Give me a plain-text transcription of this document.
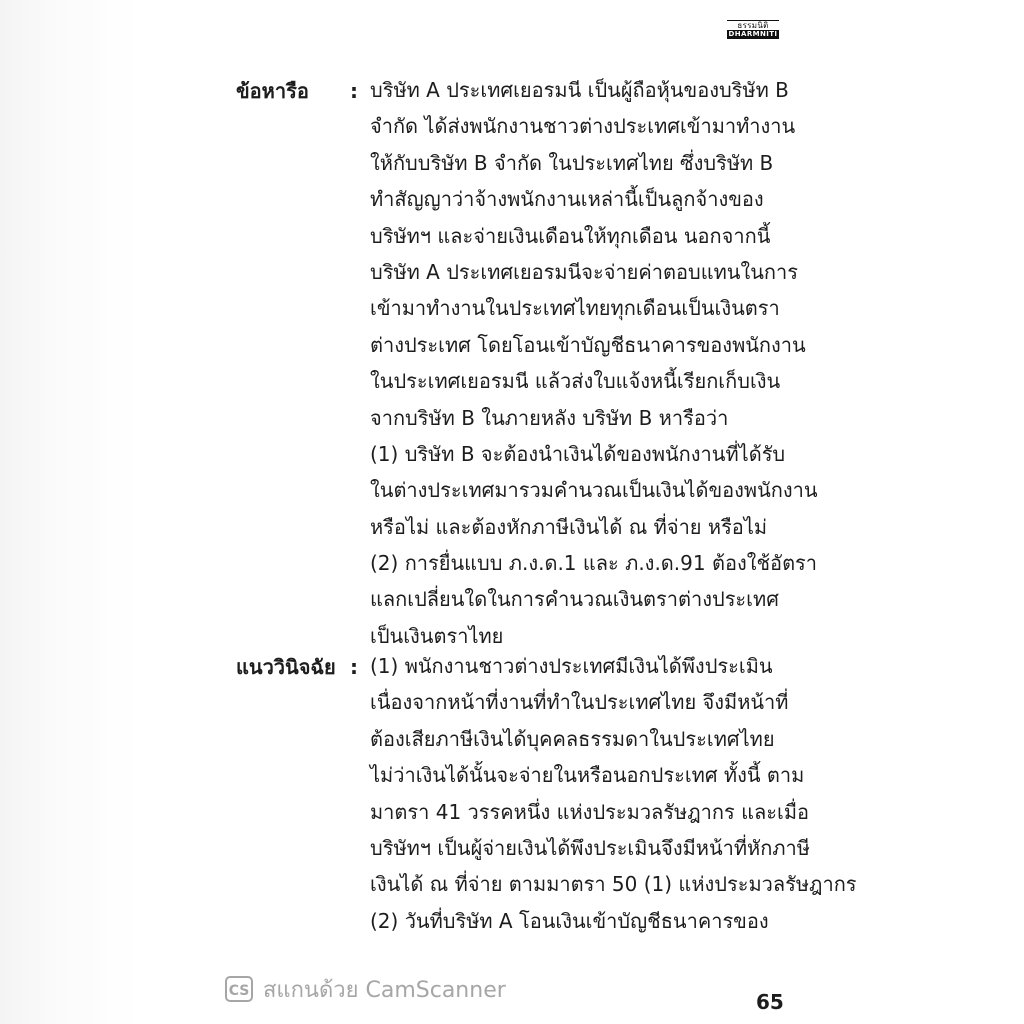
ธรรมนิติ
DHARMNITI
ข้อหารือ : บริษัท A ประเทศเยอรมนี เป็นผู้ถือหุ้นของบริษัท B
จำกัด ได้ส่งพนักงานชาวต่างประเทศเข้ามาทำงาน
ให้กับบริษัท B จำกัด ในประเทศไทย ซึ่งบริษัท B
ทำสัญญาว่าจ้างพนักงานเหล่านี้เป็นลูกจ้างของ
บริษัทฯ และจ่ายเงินเดือนให้ทุกเดือน นอกจากนี้
บริษัท A ประเทศเยอรมนีจะจ่ายค่าตอบแทนในการ
เข้ามาทำงานในประเทศไทยทุกเดือนเป็นเงินตรา
ต่างประเทศ โดยโอนเข้าบัญชีธนาคารของพนักงาน
ในประเทศเยอรมนี แล้วส่งใบแจ้งหนี้เรียกเก็บเงิน
จากบริษัท B ในภายหลัง บริษัท B หารือว่า
(1) บริษัท B จะต้องนำเงินได้ของพนักงานที่ได้รับ
ในต่างประเทศมารวมคำนวณเป็นเงินได้ของพนักงาน
หรือไม่ และต้องหักภาษีเงินได้ ณ ที่จ่าย หรือไม่
(2) การยื่นแบบ ภ.ง.ด.1 และ ภ.ง.ด.91 ต้องใช้อัตรา
แลกเปลี่ยนใดในการคำนวณเงินตราต่างประเทศ
เป็นเงินตราไทย
แนววินิจฉัย : (1) พนักงานชาวต่างประเทศมีเงินได้พึงประเมิน
เนื่องจากหน้าที่งานที่ทำในประเทศไทย จึงมีหน้าที่
ต้องเสียภาษีเงินได้บุคคลธรรมดาในประเทศไทย
ไม่ว่าเงินได้นั้นจะจ่ายในหรือนอกประเทศ ทั้งนี้ ตาม
มาตรา 41 วรรคหนึ่ง แห่งประมวลรัษฎากร และเมื่อ
บริษัทฯ เป็นผู้จ่ายเงินได้พึงประเมินจึงมีหน้าที่หักภาษี
เงินได้ ณ ที่จ่าย ตามมาตรา 50 (1) แห่งประมวลรัษฎากร
(2) วันที่บริษัท A โอนเงินเข้าบัญชีธนาคารของ
CS สแกนด้วย CamScanner	65
